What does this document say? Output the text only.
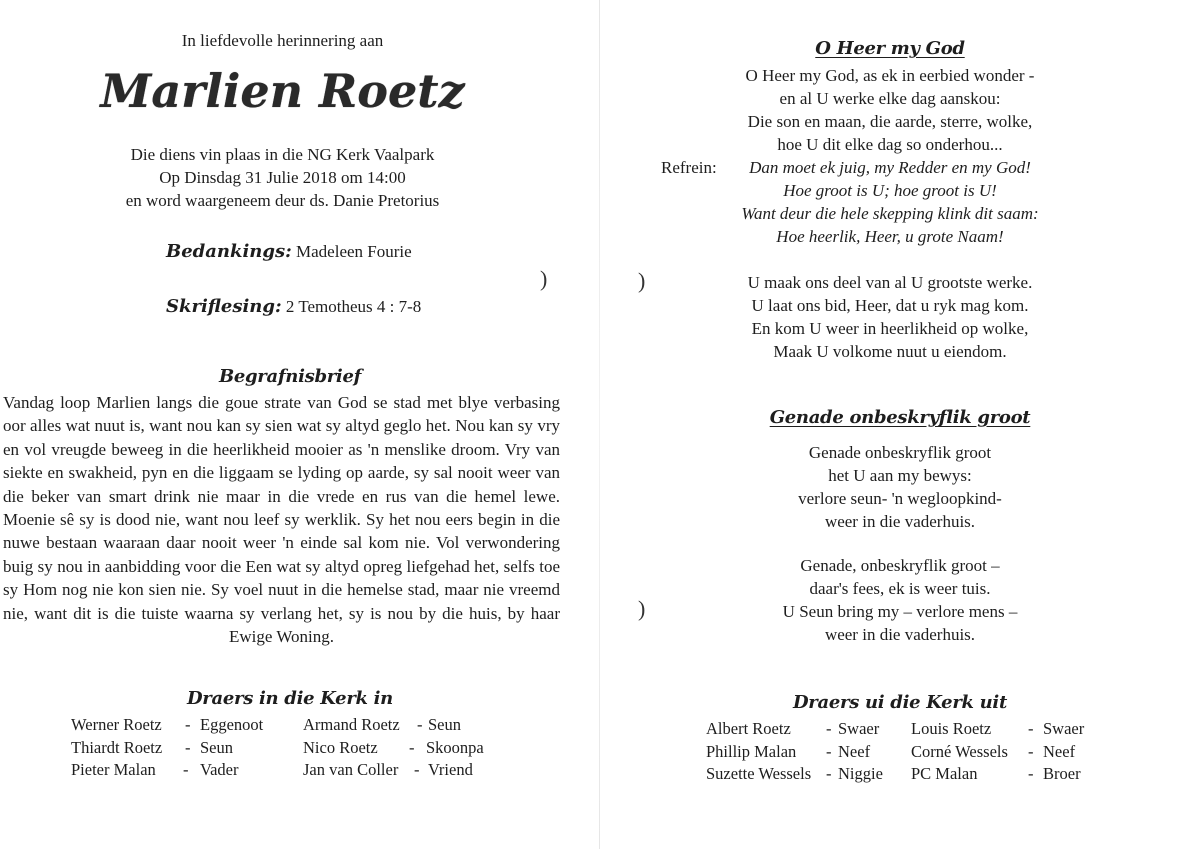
In liefdevolle herinnering aan
Marlien Roetz
Die diens vin plaas in die NG Kerk Vaalpark
Op Dinsdag 31 Julie 2018 om 14:00
en word waargeneem deur ds. Danie Pretorius
Bedankings: Madeleen Fourie
Skriflesing: 2 Temotheus 4 : 7-8
)
Begrafnisbrief
Vandag loop Marlien langs die goue strate van God se stad met blye verbasing oor alles wat nuut is, want nou kan sy sien wat sy altyd geglo het. Nou kan sy vry en vol vreugde beweeg in die heerlikheid mooier as 'n menslike droom. Vry van siekte en swakheid, pyn en die liggaam se lyding op aarde, sy sal nooit weer van die beker van smart drink nie maar in die vrede en rus van die hemel lewe. Moenie sê sy is dood nie, want nou leef sy werklik. Sy het nou eers begin in die nuwe bestaan waaraan daar nooit weer 'n einde sal kom nie. Vol verwondering buig sy nou in aanbidding voor die Een wat sy altyd opreg liefgehad het, selfs toe sy Hom nog nie kon sien nie. Sy voel nuut in die hemelse stad, maar nie vreemd nie, want dit is die tuiste waarna sy verlang het, sy is nou by die huis, by haar Ewige Woning.
Draers in die Kerk in
Werner Roetz - Eggenoot Armand Roetz - Seun
Thiardt Roetz - Seun	Nico Roetz - Skoonpa
Pieter Malan - Vader	Jan van Coller - Vriend
O Heer my God
O Heer my God, as ek in eerbied wonder -
en al U werke elke dag aanskou:
Die son en maan, die aarde, sterre, wolke,
hoe U dit elke dag so onderhou...
Refrein:	Dan moet ek juig, my Redder en my God!
Hoe groot is U; hoe groot is U!
Want deur die hele skepping klink dit saam:
Hoe heerlik, Heer, u grote Naam!
)	U maak ons deel van al U grootste werke.
U laat ons bid, Heer, dat u ryk mag kom.
En kom U weer in heerlikheid op wolke,
Maak U volkome nuut u eiendom.
Genade onbeskryflik groot
Genade onbeskryflik groot
het U aan my bewys:
verlore seun- 'n wegloopkind-
weer in die vaderhuis.
)
Genade, onbeskryflik groot –
daar's fees, ek is weer tuis.
U Seun bring my – verlore mens –
weer in die vaderhuis.
Draers ui die Kerk uit
Albert Roetz - Swaer Louis Roetz - Swaer
Phillip Malan - Neef Corné Wessels - Neef
Suzette Wessels - Niggie PC Malan	- Broer
